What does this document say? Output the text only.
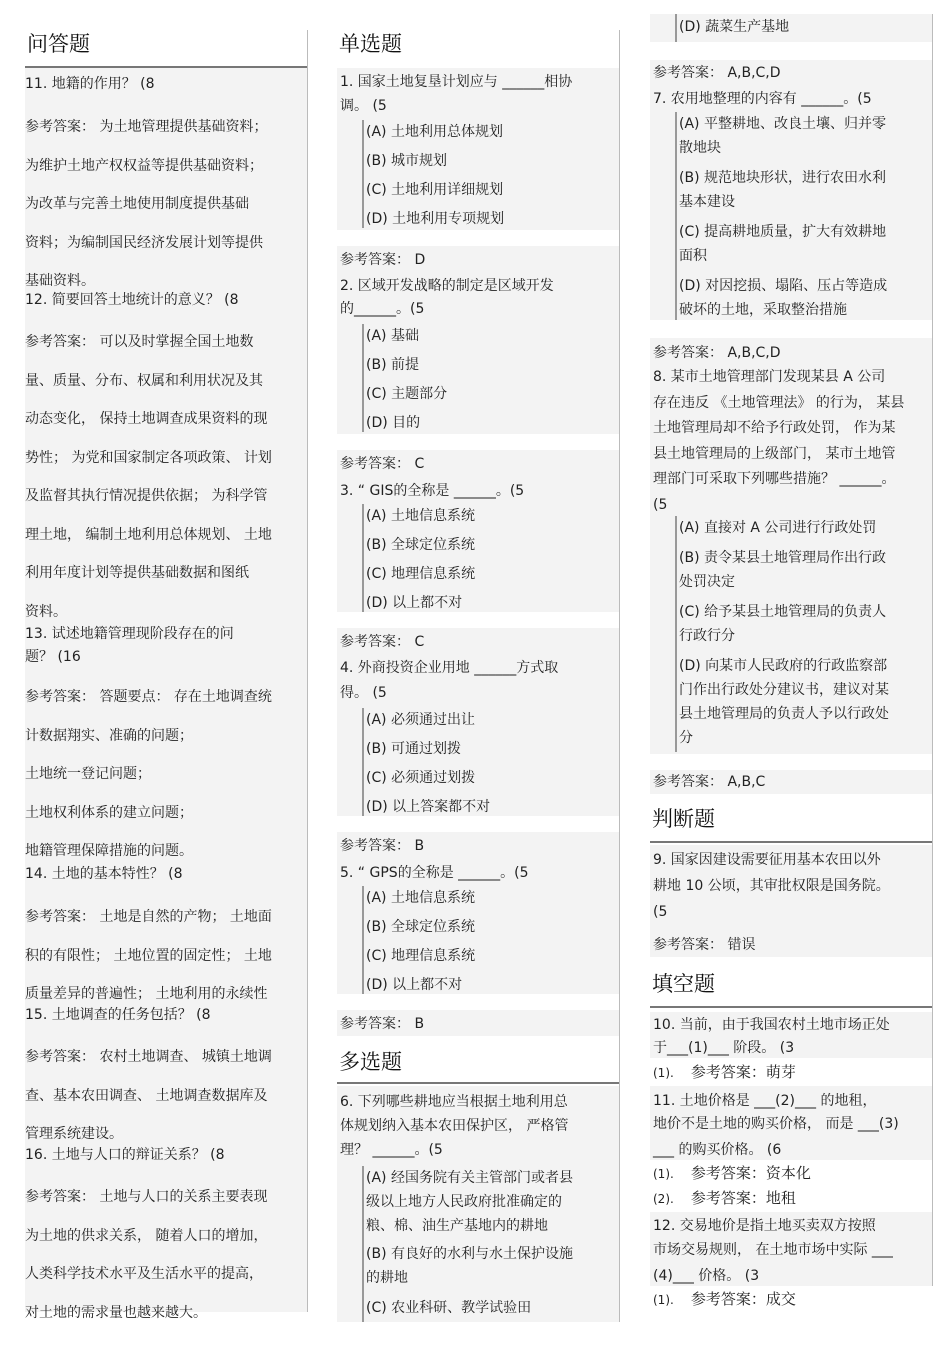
问答题
11. 地籍的作用？ (8
参考答案： 为土地管理提供基础资料；
为维护土地产权权益等提供基础资料；
为改革与完善土地使用制度提供基础
资料；为编制国民经济发展计划等提供
基础资料。
12. 简要回答土地统计的意义？ (8
参考答案： 可以及时掌握全国土地数
量、质量、分布、权属和利用状况及其
动态变化， 保持土地调查成果资料的现
势性； 为党和国家制定各项政策、 计划
及监督其执行情况提供依据； 为科学管
理土地， 编制土地利用总体规划、 土地
利用年度计划等提供基础数据和图纸
资料。
13. 试述地籍管理现阶段存在的问
题？ (16
参考答案： 答题要点： 存在土地调查统
计数据翔实、准确的问题；
土地统一登记问题；
土地权利体系的建立问题；
地籍管理保障措施的问题。
14. 土地的基本特性？ (8
参考答案： 土地是自然的产物； 土地面
积的有限性； 土地位置的固定性； 土地
质量差异的普遍性； 土地利用的永续性
15. 土地调查的任务包括？ (8
参考答案： 农村土地调查、 城镇土地调
查、基本农田调查、 土地调查数据库及
管理系统建设。
16. 土地与人口的辩证关系？ (8
参考答案： 土地与人口的关系主要表现
为土地的供求关系， 随着人口的增加，
人类科学技术水平及生活水平的提高，
对土地的需求量也越来越大。
单选题
1. 国家土地复垦计划应与 ______相协
调。 (5
(A) 土地利用总体规划
(B) 城市规划
(C) 土地利用详细规划
(D) 土地利用专项规划
参考答案： D
2. 区域开发战略的制定是区域开发
的______。(5
(A) 基础
(B) 前提
(C) 主题部分
(D) 目的
参考答案： C
3. “ GIS的全称是 ______。(5
(A) 土地信息系统
(B) 全球定位系统
(C) 地理信息系统
(D) 以上都不对
参考答案： C
4. 外商投资企业用地 ______方式取
得。 (5
(A) 必须通过出让
(B) 可通过划拨
(C) 必须通过划拨
(D) 以上答案都不对
参考答案： B
5. “ GPS的全称是 ______。(5
(A) 土地信息系统
(B) 全球定位系统
(C) 地理信息系统
(D) 以上都不对
参考答案： B
多选题
6. 下列哪些耕地应当根据土地利用总
体规划纳入基本农田保护区， 严格管
理？ ______。(5
(A) 经国务院有关主管部门或者县
级以上地方人民政府批准确定的
粮、棉、油生产基地内的耕地
(B) 有良好的水利与水土保护设施
的耕地
(C) 农业科研、教学试验田
(D) 蔬菜生产基地
参考答案： A,B,C,D
7. 农用地整理的内容有 ______。(5
(A) 平整耕地、改良土壤、归并零
散地块
(B) 规范地块形状，进行农田水利
基本建设
(C) 提高耕地质量，扩大有效耕地
面积
(D) 对因挖损、塌陷、压占等造成
破坏的土地，采取整治措施
参考答案： A,B,C,D
8. 某市土地管理部门发现某县 A 公司
存在违反 《土地管理法》 的行为， 某县
土地管理局却不给予行政处罚， 作为某
县土地管理局的上级部门， 某市土地管
理部门可采取下列哪些措施？ ______。
(5
(A) 直接对 A 公司进行行政处罚
(B) 责令某县土地管理局作出行政
处罚决定
(C) 给予某县土地管理局的负责人
行政行分
(D) 向某市人民政府的行政监察部
门作出行政处分建议书，建议对某
县土地管理局的负责人予以行政处
分
参考答案： A,B,C
判断题
9. 国家因建设需要征用基本农田以外
耕地 10 公顷，其审批权限是国务院。
(5
参考答案： 错误
填空题
10. 当前，由于我国农村土地市场正处
于___(1)___ 阶段。 (3
(1). 参考答案：萌芽
11. 土地价格是 ___(2)___ 的地租，
地价不是土地的购买价格， 而是 ___(3)
___ 的购买价格。 (6
(1). 参考答案：资本化
(2). 参考答案：地租
12. 交易地价是指土地买卖双方按照
市场交易规则， 在土地市场中实际 ___
(4)___ 价格。 (3
(1). 参考答案：成交
